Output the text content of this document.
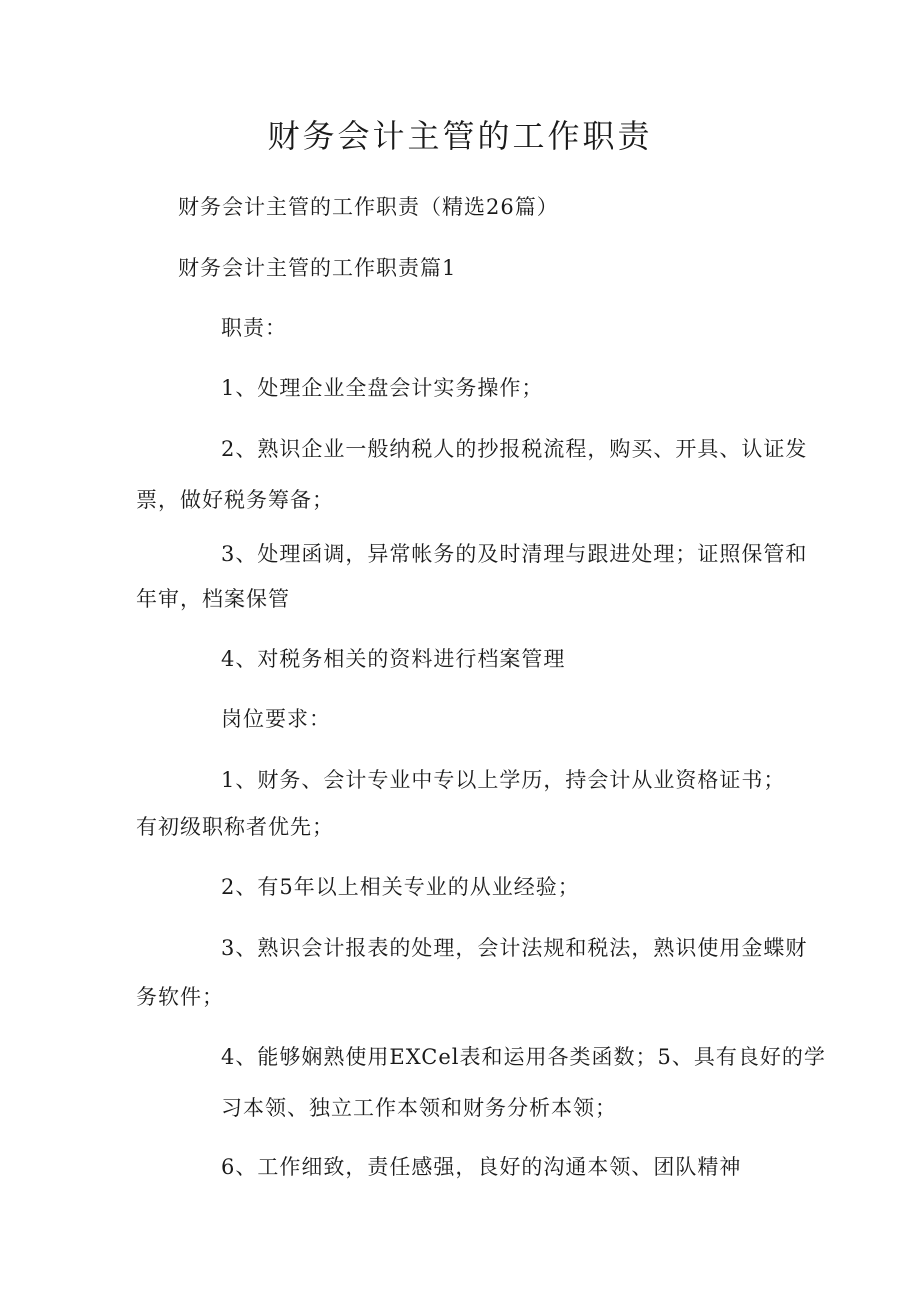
财务会计主管的工作职责
财务会计主管的工作职责（精选26篇）
财务会计主管的工作职责篇1
职责：
1、处理企业全盘会计实务操作；
2、熟识企业一般纳税人的抄报税流程，购买、开具、认证发
票，做好税务筹备；
3、处理函调，异常帐务的及时清理与跟进处理；证照保管和
年审，档案保管
4、对税务相关的资料进行档案管理
岗位要求：
1、财务、会计专业中专以上学历，持会计从业资格证书；
有初级职称者优先；
2、有5年以上相关专业的从业经验；
3、熟识会计报表的处理，会计法规和税法，熟识使用金蝶财
务软件；
4、能够娴熟使用EXCel表和运用各类函数；5、具有良好的学
习本领、独立工作本领和财务分析本领；
6、工作细致，责任感强，良好的沟通本领、团队精神
